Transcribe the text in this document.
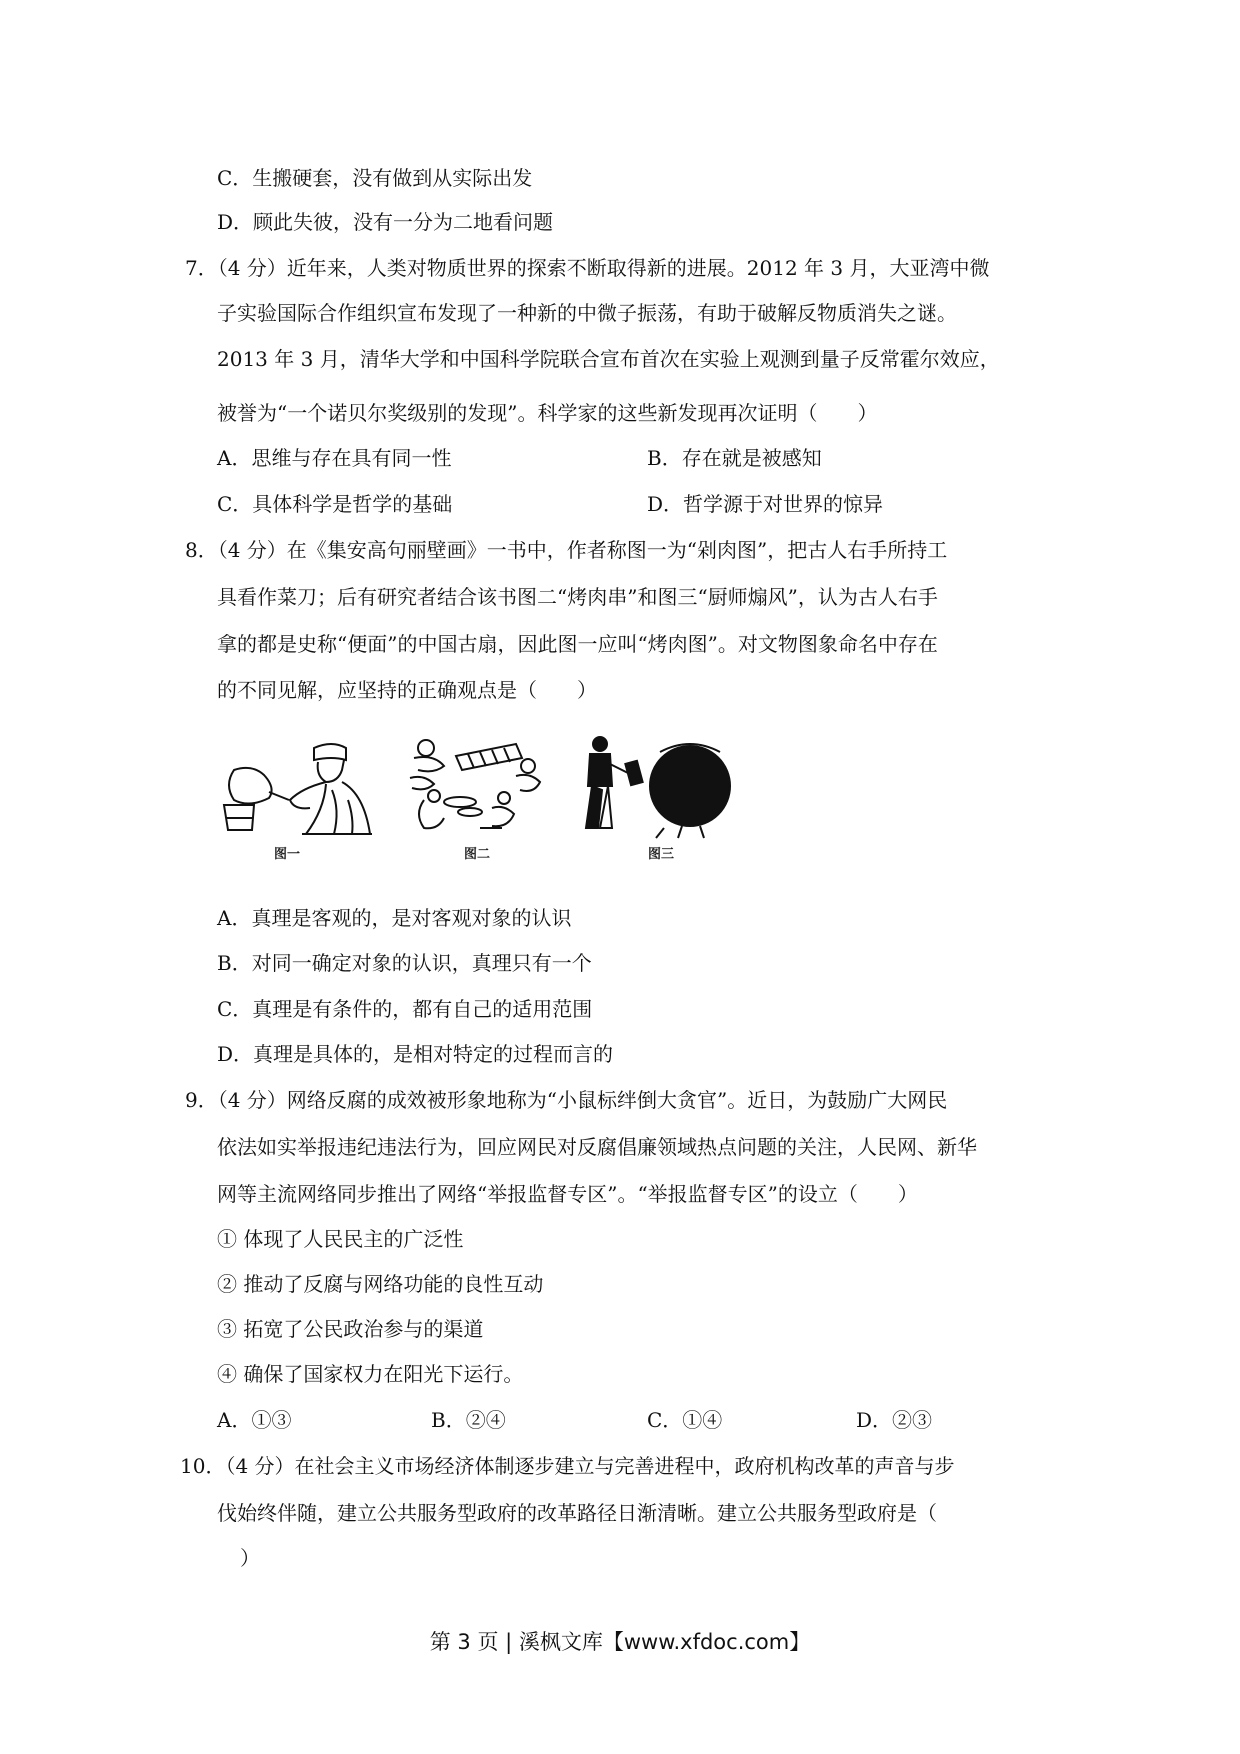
C．生搬硬套，没有做到从实际出发
D．顾此失彼，没有一分为二地看问题
7．（4 分）近年来，人类对物质世界的探索不断取得新的进展。2012 年 3 月，大亚湾中微
子实验国际合作组织宣布发现了一种新的中微子振荡，有助于破解反物质消失之谜。
2013 年 3 月，清华大学和中国科学院联合宣布首次在实验上观测到量子反常霍尔效应，
被誉为“一个诺贝尔奖级别的发现”。科学家的这些新发现再次证明（　　）
A．思维与存在具有同一性	B．存在就是被感知
C．具体科学是哲学的基础	D．哲学源于对世界的惊异
8．（4 分）在《集安高句丽壁画》一书中，作者称图一为“剁肉图”，把古人右手所持工
具看作菜刀；后有研究者结合该书图二“烤肉串”和图三“厨师煽风”，认为古人右手
拿的都是史称“便面”的中国古扇，因此图一应叫“烤肉图”。对文物图象命名中存在
的不同见解，应坚持的正确观点是（　　）
图一	图二	图三
A．真理是客观的，是对客观对象的认识
B．对同一确定对象的认识，真理只有一个
C．真理是有条件的，都有自己的适用范围
D．真理是具体的，是相对特定的过程而言的
9．（4 分）网络反腐的成效被形象地称为“小鼠标绊倒大贪官”。近日，为鼓励广大网民
依法如实举报违纪违法行为，回应网民对反腐倡廉领域热点问题的关注，人民网、新华
网等主流网络同步推出了网络“举报监督专区”。“举报监督专区”的设立（　　）
① 体现了人民民主的广泛性
② 推动了反腐与网络功能的良性互动
③ 拓宽了公民政治参与的渠道
④ 确保了国家权力在阳光下运行。
A．①③	B．②④	C．①④	D．②③
10．（4 分）在社会主义市场经济体制逐步建立与完善进程中，政府机构改革的声音与步
伐始终伴随，建立公共服务型政府的改革路径日渐清晰。建立公共服务型政府是（
）
第 3 页 | 溪枫文库【www.xfdoc.com】
